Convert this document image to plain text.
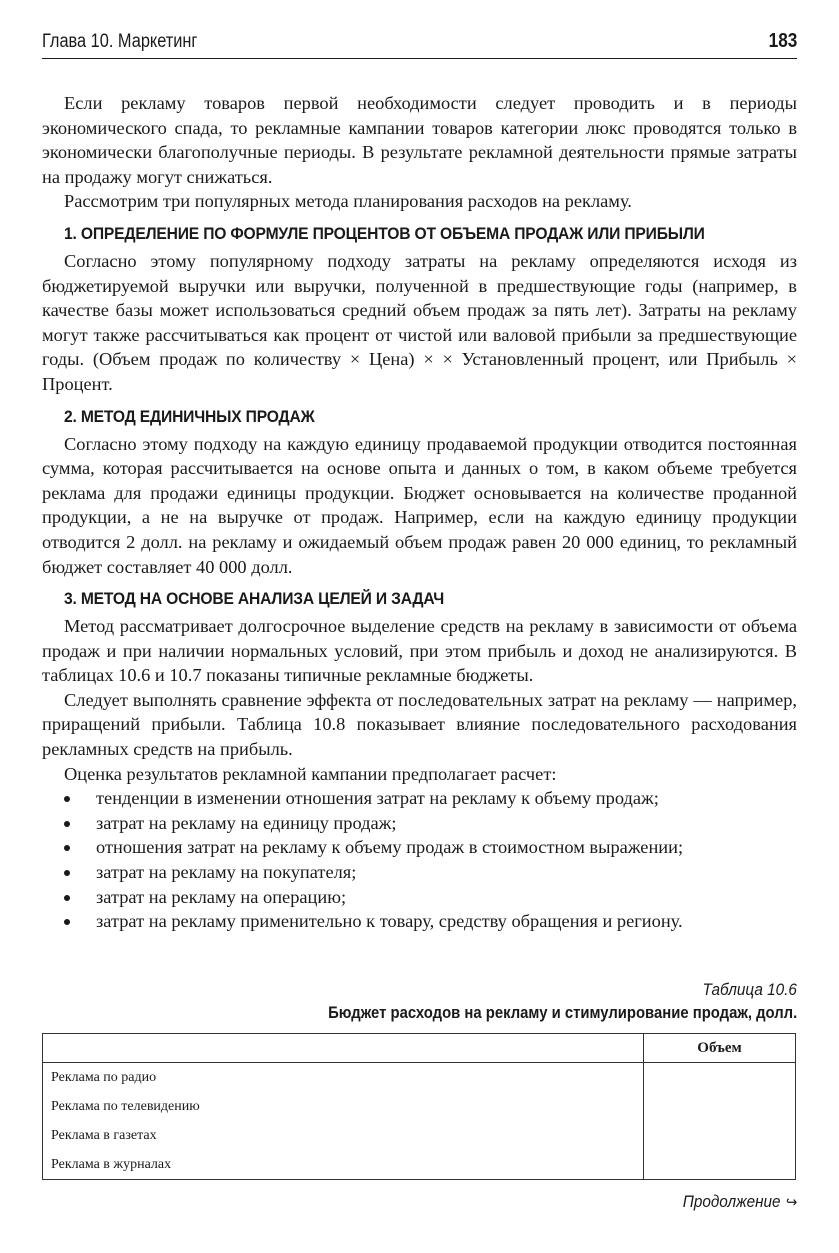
Глава 10. Маркетинг	183

Если рекламу товаров первой необходимости следует проводить и в периоды экономического спада, то рекламные кампании товаров категории люкс проводятся только в экономически благополучные периоды. В результате рекламной деятельности прямые затраты на продажу могут снижаться.

Рассмотрим три популярных метода планирования расходов на рекламу.

1. ОПРЕДЕЛЕНИЕ ПО ФОРМУЛЕ ПРОЦЕНТОВ ОТ ОБЪЕМА ПРОДАЖ ИЛИ ПРИБЫЛИ

Согласно этому популярному подходу затраты на рекламу определяются исходя из бюджетируемой выручки или выручки, полученной в предшествующие годы (например, в качестве базы может использоваться средний объем продаж за пять лет). Затраты на рекламу могут также рассчитываться как процент от чистой или валовой прибыли за предшествующие годы. (Объем продаж по количеству × Цена) × × Установленный процент, или Прибыль × Процент.

2. МЕТОД ЕДИНИЧНЫХ ПРОДАЖ

Согласно этому подходу на каждую единицу продаваемой продукции отводится постоянная сумма, которая рассчитывается на основе опыта и данных о том, в каком объеме требуется реклама для продажи единицы продукции. Бюджет основывается на количестве проданной продукции, а не на выручке от продаж. Например, если на каждую единицу продукции отводится 2 долл. на рекламу и ожидаемый объем продаж равен 20 000 единиц, то рекламный бюджет составляет 40 000 долл.

3. МЕТОД НА ОСНОВЕ АНАЛИЗА ЦЕЛЕЙ И ЗАДАЧ

Метод рассматривает долгосрочное выделение средств на рекламу в зависимости от объема продаж и при наличии нормальных условий, при этом прибыль и доход не анализируются. В таблицах 10.6 и 10.7 показаны типичные рекламные бюджеты.

Следует выполнять сравнение эффекта от последовательных затрат на рекламу — например, приращений прибыли. Таблица 10.8 показывает влияние последовательного расходования рекламных средств на прибыль.

Оценка результатов рекламной кампании предполагает расчет:

тенденции в изменении отношения затрат на рекламу к объему продаж;
затрат на рекламу на единицу продаж;
отношения затрат на рекламу к объему продаж в стоимостном выражении;
затрат на рекламу на покупателя;
затрат на рекламу на операцию;
затрат на рекламу применительно к товару, средству обращения и региону.
Таблица 10.6
Бюджет расходов на рекламу и стимулирование продаж, долл.
	Объем
Реклама по радио	
Реклама по телевидению	
Реклама в газетах	
Реклама в журналах	
Продолжение ↪
